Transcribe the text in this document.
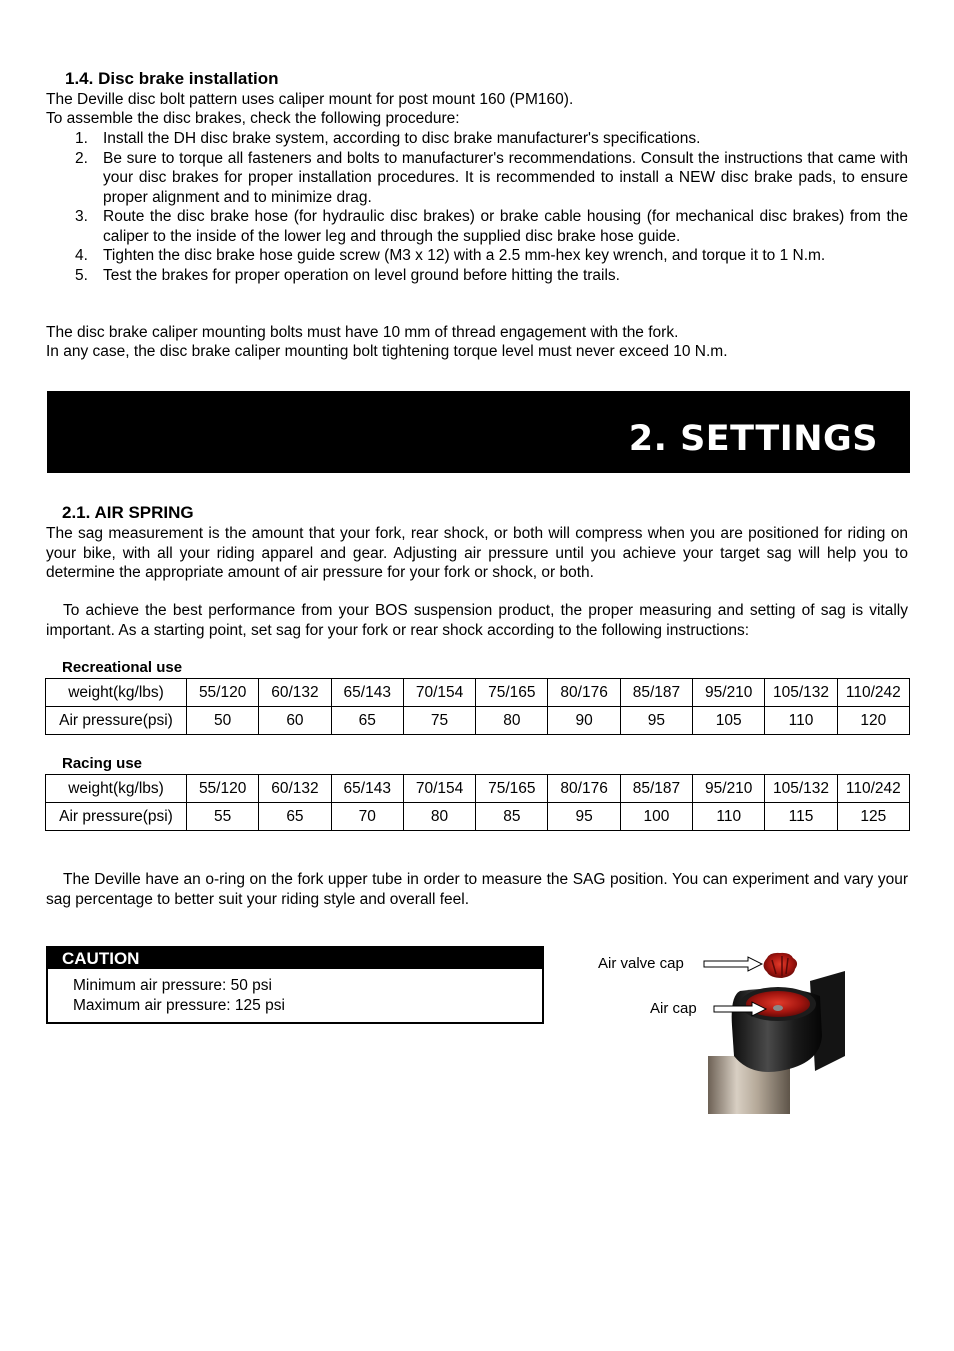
1.4. Disc brake installation
The Deville disc bolt pattern uses caliper mount for post mount 160 (PM160).
To assemble the disc brakes, check the following procedure:
1. Install the DH disc brake system, according to disc brake manufacturer's specifications.
2. Be sure to torque all fasteners and bolts to manufacturer's recommendations. Consult the instructions that came with your disc brakes for proper installation procedures. It is recommended to install a NEW disc brake pads, to ensure proper alignment and to minimize drag.
3. Route the disc brake hose (for hydraulic disc brakes) or brake cable housing (for mechanical disc brakes) from the caliper to the inside of the lower leg and through the supplied disc brake hose guide.
4. Tighten the disc brake hose guide screw (M3 x 12) with a 2.5 mm-hex key wrench, and torque it to 1 N.m.
5. Test the brakes for proper operation on level ground before hitting the trails.
The disc brake caliper mounting bolts must have 10 mm of thread engagement with the fork.
In any case, the disc brake caliper mounting bolt tightening torque level must never exceed 10 N.m.
2. SETTINGS
2.1. AIR SPRING
The sag measurement is the amount that your fork, rear shock, or both will compress when you are positioned for riding on your bike, with all your riding apparel and gear. Adjusting air pressure until you achieve your target sag will help you to determine the appropriate amount of air pressure for your fork or shock, or both.
To achieve the best performance from your BOS suspension product, the proper measuring and setting of sag is vitally important. As a starting point, set sag for your fork or rear shock according to the following instructions:
Recreational use
weight(kg/lbs)	55/120	60/132	65/143	70/154	75/165	80/176	85/187	95/210	105/132	110/242
Air pressure(psi)	50	60	65	75	80	90	95	105	110	120
Racing use
weight(kg/lbs)	55/120	60/132	65/143	70/154	75/165	80/176	85/187	95/210	105/132	110/242
Air pressure(psi)	55	65	70	80	85	95	100	110	115	125
The Deville have an o-ring on the fork upper tube in order to measure the SAG position. You can experiment and vary your sag percentage to better suit your riding style and overall feel.
CAUTION
Minimum air pressure: 50 psi
Maximum air pressure: 125 psi
Air valve cap
Air cap
